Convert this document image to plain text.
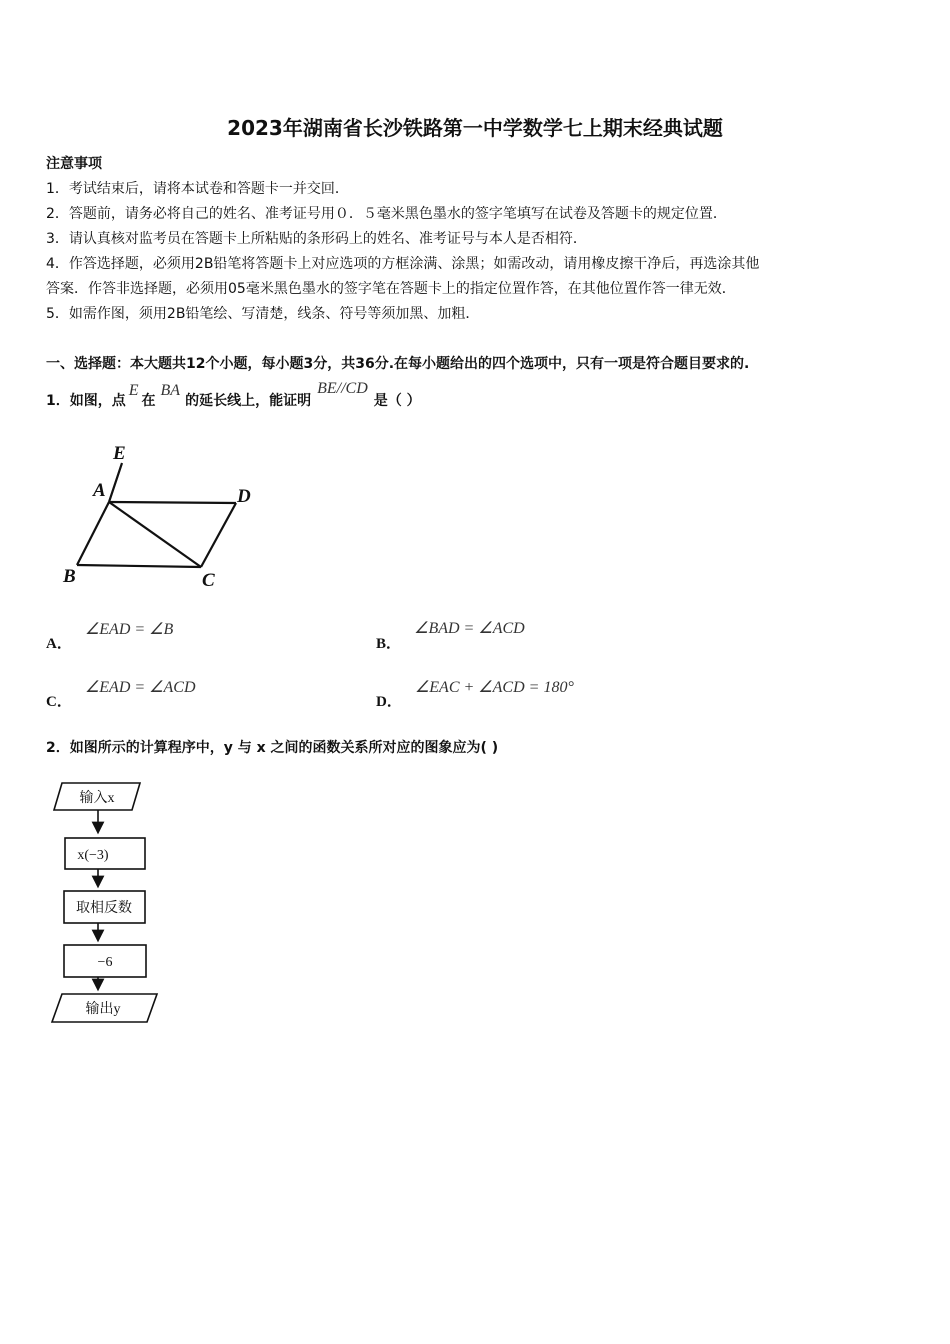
2023年湖南省长沙铁路第一中学数学七上期末经典试题
注意事项
1．考试结束后，请将本试卷和答题卡一并交回．
2．答题前，请务必将自己的姓名、准考证号用０．５毫米黑色墨水的签字笔填写在试卷及答题卡的规定位置．
3．请认真核对监考员在答题卡上所粘贴的条形码上的姓名、准考证号与本人是否相符．
4．作答选择题，必须用2B铅笔将答题卡上对应选项的方框涂满、涂黑；如需改动，请用橡皮擦干净后，再选涂其他
答案．作答非选择题，必须用05毫米黑色墨水的签字笔在答题卡上的指定位置作答，在其他位置作答一律无效．
5．如需作图，须用2B铅笔绘、写清楚，线条、符号等须加黑、加粗．
一、选择题：本大题共12个小题，每小题3分，共36分.在每小题给出的四个选项中，只有一项是符合题目要求的.
1．如图，点E在BA的延长线上，能证明BE//CD是（ ）
E
A	D
B	C
A． ∠EAD = ∠B
B． ∠BAD = ∠ACD
C． ∠EAD = ∠ACD
D． ∠EAC + ∠ACD = 180°
2．如图所示的计算程序中，y 与 x 之间的函数关系所对应的图象应为( )
输入x
x(−3)
取相反数
−6
输出y
